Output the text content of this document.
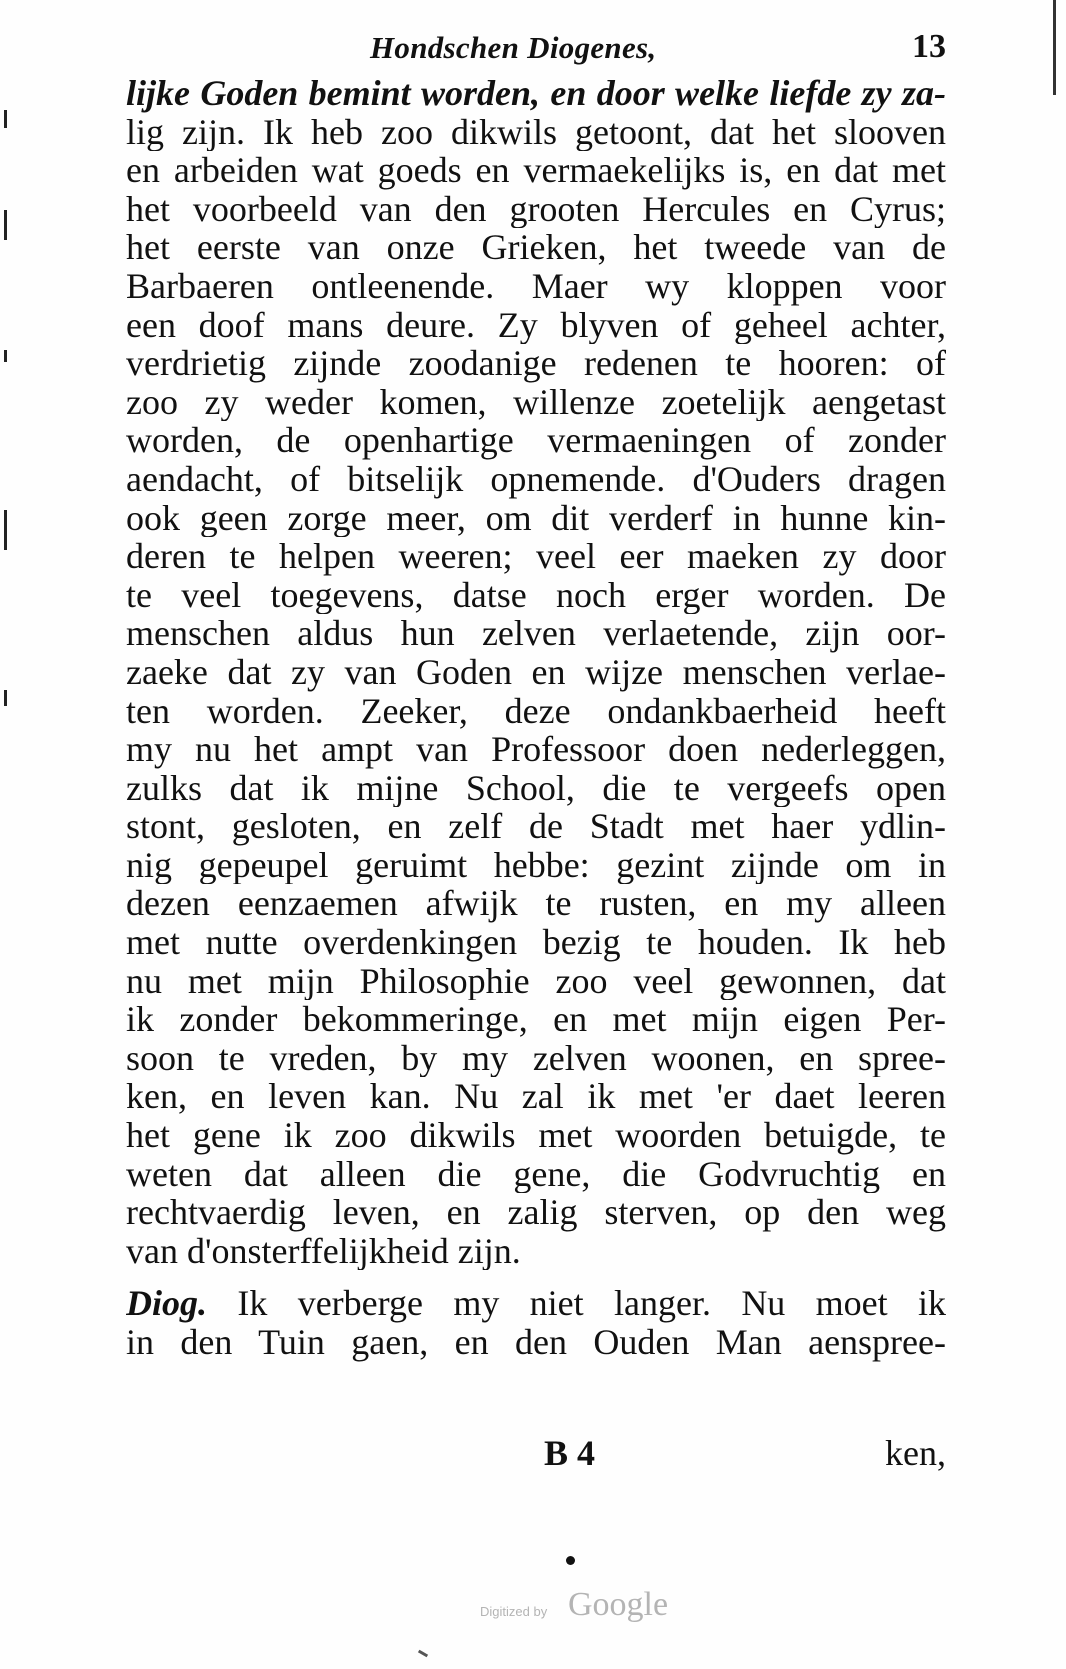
Hondschen Diogenes,	13
lijke Goden bemint worden, en door welke liefde zy za-
lig zijn. Ik heb zoo dikwils getoont, dat het slooven
en arbeiden wat goeds en vermaekelijks is, en dat met
het voorbeeld van den grooten Hercules en Cyrus;
het eerste van onze Grieken, het tweede van de
Barbaeren ontleenende. Maer wy kloppen voor
een doof mans deure. Zy blyven of geheel achter,
verdrietig zijnde zoodanige redenen te hooren: of
zoo zy weder komen, willenze zoetelijk aengetast
worden, de openhartige vermaeningen of zonder
aendacht, of bitselijk opnemende. d'Ouders dragen
ook geen zorge meer, om dit verderf in hunne kin-
deren te helpen weeren; veel eer maeken zy door
te veel toegevens, datse noch erger worden. De
menschen aldus hun zelven verlaetende, zijn oor-
zaeke dat zy van Goden en wijze menschen verlae-
ten worden. Zeeker, deze ondankbaerheid heeft
my nu het ampt van Professoor doen nederleggen,
zulks dat ik mijne School, die te vergeefs open
stont, gesloten, en zelf de Stadt met haer ydlin-
nig gepeupel geruimt hebbe: gezint zijnde om in
dezen eenzaemen afwijk te rusten, en my alleen
met nutte overdenkingen bezig te houden. Ik heb
nu met mijn Philosophie zoo veel gewonnen, dat
ik zonder bekommeringe, en met mijn eigen Per-
soon te vreden, by my zelven woonen, en spree-
ken, en leven kan. Nu zal ik met 'er daet leeren
het gene ik zoo dikwils met woorden betuigde, te
weten dat alleen die gene, die Godvruchtig en
rechtvaerdig leven, en zalig sterven, op den weg
van d'onsterffelijkheid zijn.
Diog. Ik verberge my niet langer. Nu moet ik
in den Tuin gaen, en den Ouden Man aenspree-
B 4	ken,
Digitized by Google
